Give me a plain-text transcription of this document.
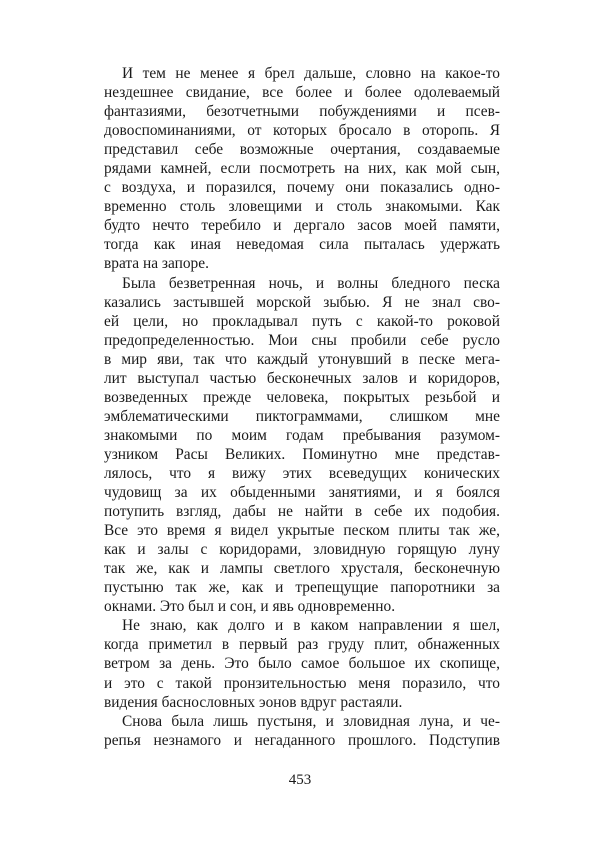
И тем не менее я брел дальше, словно на какое-то
нездешнее свидание, все более и более одолеваемый
фантазиями, безотчетными побуждениями и псев-
довоспоминаниями, от которых бросало в оторопь. Я
представил себе возможные очертания, создаваемые
рядами камней, если посмотреть на них, как мой сын,
с воздуха, и поразился, почему они показались одно-
временно столь зловещими и столь знакомыми. Как
будто нечто теребило и дергало засов моей памяти,
тогда как иная неведомая сила пыталась удержать
врата на запоре.
Была безветренная ночь, и волны бледного песка
казались застывшей морской зыбью. Я не знал сво-
ей цели, но прокладывал путь с какой-то роковой
предопределенностью. Мои сны пробили себе русло
в мир яви, так что каждый утонувший в песке мега-
лит выступал частью бесконечных залов и коридоров,
возведенных прежде человека, покрытых резьбой и
эмблематическими пиктограммами, слишком мне
знакомыми по моим годам пребывания разумом-
узником Расы Великих. Поминутно мне представ-
лялось, что я вижу этих всеведущих конических
чудовищ за их обыденными занятиями, и я боялся
потупить взгляд, дабы не найти в себе их подобия.
Все это время я видел укрытые песком плиты так же,
как и залы с коридорами, зловидную горящую луну
так же, как и лампы светлого хрусталя, бесконечную
пустыню так же, как и трепещущие папоротники за
окнами. Это был и сон, и явь одновременно.
Не знаю, как долго и в каком направлении я шел,
когда приметил в первый раз груду плит, обнаженных
ветром за день. Это было самое большое их скопище,
и это с такой пронзительностью меня поразило, что
видения баснословных эонов вдруг растаяли.
Снова была лишь пустыня, и зловидная луна, и че-
репья незнамого и негаданного прошлого. Подступив
453
